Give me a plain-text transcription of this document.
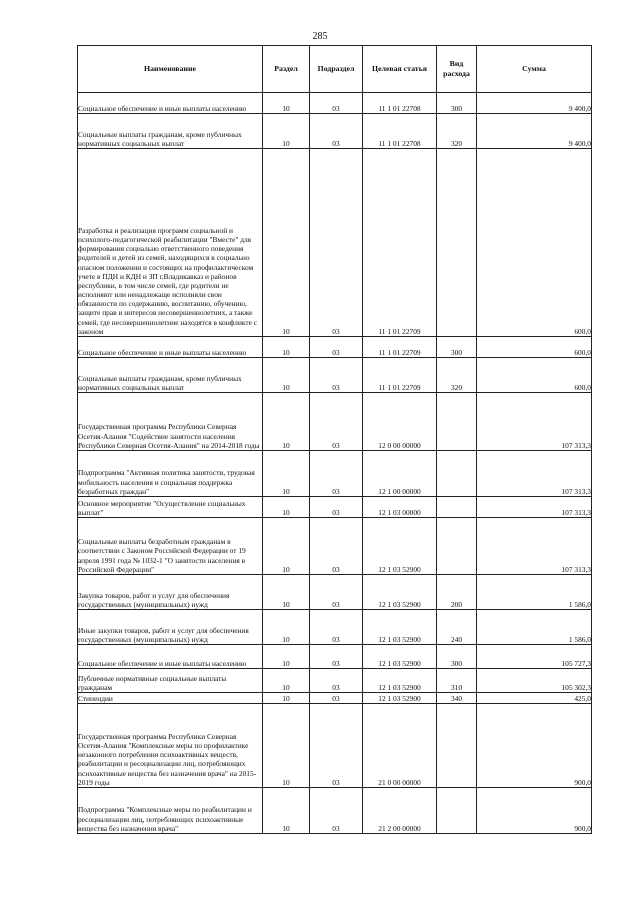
285
Наименование	Раздел	Подраздел	Целевая статья	Вид расхода	Сумма
Социальное обеспечение и иные выплаты населению	10	03	11 1 01 22708	300	9 400,0
Социальные выплаты гражданам, кроме публичных нормативных социальных выплат	10	03	11 1 01 22708	320	9 400,0
Разработка и реализация программ социальной и психолого-педагогической реабилитации "Вместе" для формирования социально ответственного поведения родителей и детей из семей, находящихся в социально опасном положении и состоящих на профилактическом учете в ПДН и КДН и ЗП г.Владикавказ и районов республики, в том числе семей, где родители не исполняют или ненадлежаще исполняли свои обязанности по содержанию, воспитанию, обучению, защите прав и интересов несовершеннолетних, а также семей, где несовершеннолетние находятся в конфликте с законом	10	03	11 1 01 22709		600,0
Социальное обеспечение и иные выплаты населению	10	03	11 1 01 22709	300	600,0
Социальные выплаты гражданам, кроме публичных нормативных социальных выплат	10	03	11 1 01 22709	320	600,0
Государственная программа Республики Северная Осетия-Алания "Содействие занятости населения Республики Северная Осетия-Алания" на 2014-2018 годы	10	03	12 0 00 00000		107 313,3
Подпрограмма "Активная политика занятости, трудовая мобильность населения и социальная поддержка безработных граждан"	10	03	12 1 00 00000		107 313,3
Основное мероприятие "Осуществление социальных выплат"	10	03	12 1 03 00000		107 313,3
Социальные выплаты безработным гражданам в соответствии с Законом Российской Федерации от 19 апреля 1991 года № 1032-1 "О занятости населения в Российской Федерации"	10	03	12 1 03 52900		107 313,3
Закупка товаров, работ и услуг для обеспечения государственных (муниципальных) нужд	10	03	12 1 03 52900	200	1 586,0
Иные закупки товаров, работ и услуг для обеспечения государственных (муниципальных) нужд	10	03	12 1 03 52900	240	1 586,0
Социальное обеспечение и иные выплаты населению	10	03	12 1 03 52900	300	105 727,3
Публичные нормативные социальные выплаты гражданам	10	03	12 1 03 52900	310	105 302,3
Стипендии	10	03	12 1 03 52900	340	425,0
Государственная программа Республики Северная Осетия-Алания "Комплексные меры по профилактике незаконного потребления психоактивных веществ, реабилитации и ресоциализации лиц, потребляющих психоактивные вещества без назначения врача" на 2015-2019 годы	10	03	21 0 00 00000		900,0
Подпрограмма "Комплексные меры по реабилитации и ресоциализации лиц, потребляющих психоактивные вещества без назначения врача"	10	03	21 2 00 00000		900,0
